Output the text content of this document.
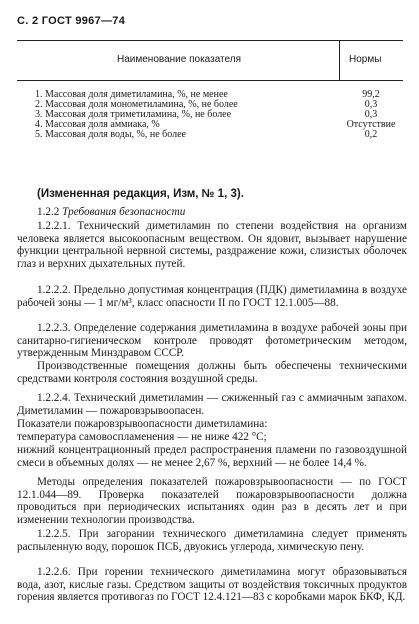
С. 2 ГОСТ 9967—74
Наименование показателя	Нормы
1. Массовая доля диметиламина, %, не менее	99,2
2. Массовая доля монометиламина, %, не более	0,3
3. Массовая доля триметиламина, %, не более	0,3
4. Массовая доля аммиака, %	Отсутствие
5. Массовая доля воды, %, не более	0,2
(Измененная редакция, Изм, № 1, 3).
1.2.2 Требования безопасности
1.2.2.1. Технический диметиламин по степени воздействия на организм человека является высокоопасным веществом. Он ядовит, вызывает нарушение функции центральной нервной системы, раздражение кожи, слизистых оболочек глаз и верхних дыхательных путей.
1.2.2.2. Предельно допустимая концентрация (ПДК) диметиламина в воздухе рабочей зоны — 1 мг/м³, класс опасности II по ГОСТ 12.1.005—88.
1.2.2.3. Определение содержания диметиламина в воздухе рабочей зоны при санитарно-гигиеническом контроле проводят фотометрическим методом, утвержденным Минздравом СССР.
Производственные помещения должны быть обеспечены техническими средствами контроля состояния воздушной среды.
1.2.2.4. Технический диметиламин — сжиженный газ с аммиачным запахом. Диметиламин — пожаровзрывоопасен.
Показатели пожаровзрывоопасности диметиламина:
температура самовоспламенения — не ниже 422 °C;
нижний концентрационный предел распространения пламени по газовоздушной смеси в объемных долях — не менее 2,67 %, верхний — не более 14,4 %.
Методы определения показателей пожаровзрывоопасности — по ГОСТ 12.1.044—89. Проверка показателей пожаровзрывоопасности должна проводиться при периодических испытаниях один раз в десять лет и при изменении технологии производства.
1.2.2.5. При загорании технического диметиламина следует применять распыленную воду, порошок ПСБ, двуокись углерода, химическую пену.
1.2.2.6. При горении технического диметиламина могут образовываться вода, азот, кислые газы. Средством защиты от воздействия токсичных продуктов горения является противогаз по ГОСТ 12.4.121—83 с коробками марок БКФ, КД.
